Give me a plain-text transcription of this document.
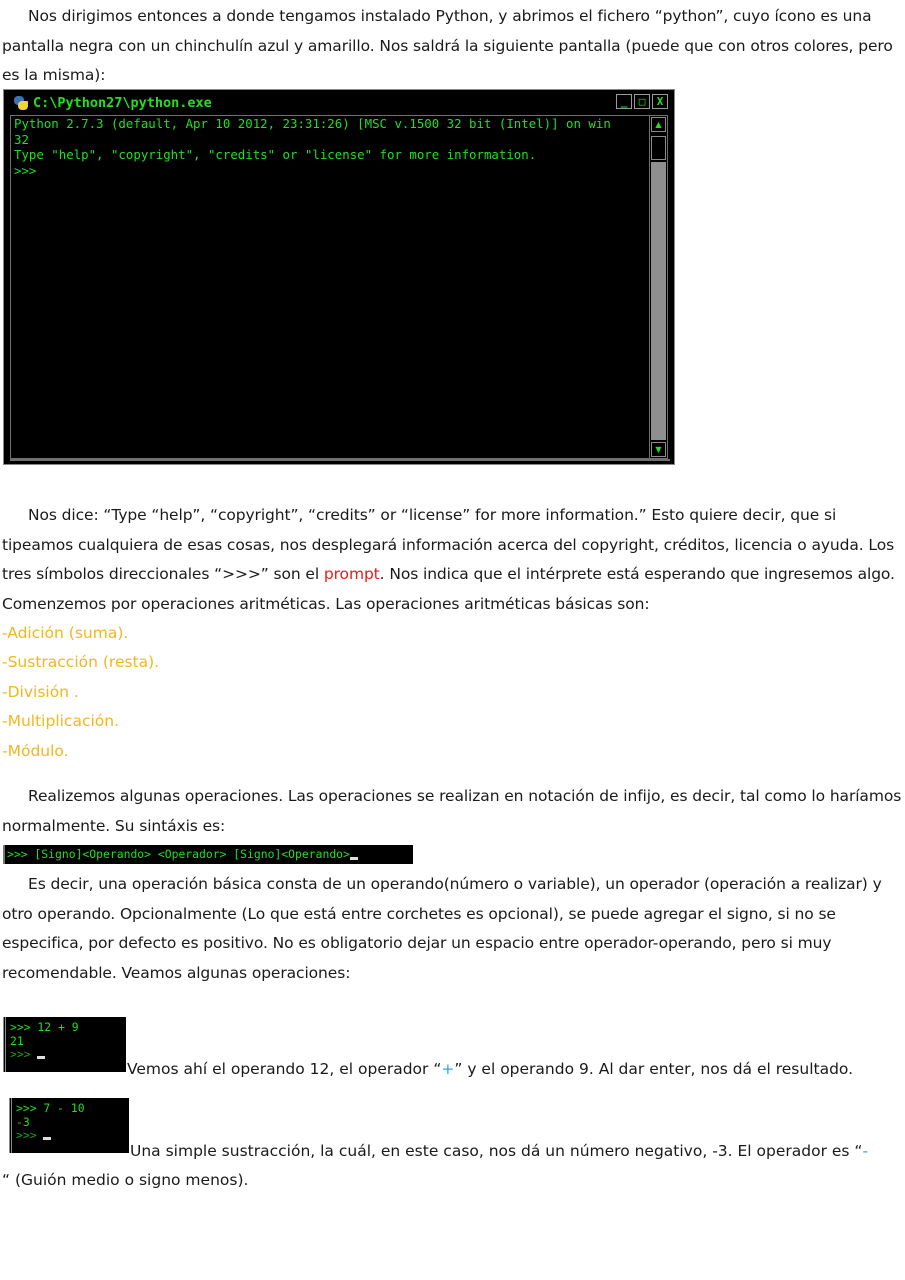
Nos dirigimos entonces a donde tengamos instalado Python, y abrimos el fichero “python”, cuyo ícono es una pantalla negra con un chinchulín azul y amarillo. Nos saldrá la siguiente pantalla (puede que con otros colores, pero es la misma):
C:\Python27\python.exe	_	□	X
Python 2.7.3 (default, Apr 10 2012, 23:31:26) [MSC v.1500 32 bit (Intel)] on win
32
Type "help", "copyright", "credits" or "license" for more information.
>>>
▲
▼
Nos dice: “Type “help”, “copyright”, “credits” or “license” for more information.” Esto quiere decir, que si tipeamos cualquiera de esas cosas, nos desplegará información acerca del copyright, créditos, licencia o ayuda. Los tres símbolos direccionales “>>>” son el prompt. Nos indica que el intérprete está esperando que ingresemos algo. Comenzemos por operaciones aritméticas. Las operaciones aritméticas básicas son:
-Adición (suma).
-Sustracción (resta).
-División .
-Multiplicación.
-Módulo.
Realizemos algunas operaciones. Las operaciones se realizan en notación de infijo, es decir, tal como lo haríamos normalmente. Su sintáxis es:
>>> [Signo]<Operando> <Operador> [Signo]<Operando>
Es decir, una operación básica consta de un operando(número o variable), un operador (operación a realizar) y otro operando. Opcionalmente (Lo que está entre corchetes es opcional), se puede agregar el signo, si no se especifica, por defecto es positivo. No es obligatorio dejar un espacio entre operador-operando, pero si muy recomendable. Veamos algunas operaciones:
>>> 12 + 9
21
>>>
Vemos ahí el operando 12, el operador “+” y el operando 9. Al dar enter, nos dá el resultado.
>>> 7 - 10
-3
>>>
Una simple sustracción, la cuál, en este caso, nos dá un número negativo, -3. El operador es “-
“ (Guión medio o signo menos).
